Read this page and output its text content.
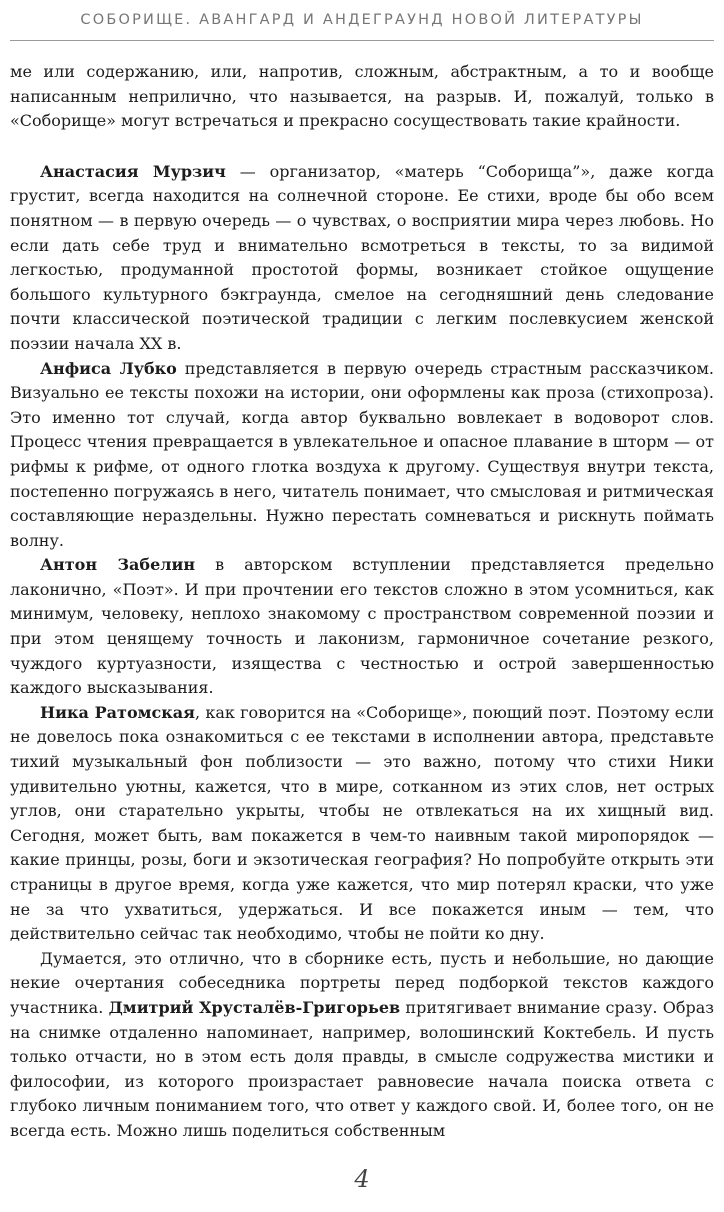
СОБОРИЩЕ. АВАНГАРД И АНДЕГРАУНД НОВОЙ ЛИТЕРАТУРЫ

ме или содержанию, или, напротив, сложным, абстрактным, а то и вообще написанным неприлично, что называется, на разрыв. И, пожалуй, только в «Соборище» могут встречаться и прекрасно сосуществовать такие крайности.

Анастасия Мурзич — организатор, «матерь “Соборища”», даже когда грустит, всегда находится на солнечной стороне. Ее стихи, вроде бы обо всем понятном — в первую очередь — о чувствах, о восприятии мира через любовь. Но если дать себе труд и внимательно всмотреться в тексты, то за видимой легкостью, продуманной простотой формы, возникает стойкое ощущение большого культурного бэкграунда, смелое на сегодняшний день следование почти классической поэтической традиции с легким послевкусием женской поэзии начала XX в.

Анфиса Лубко представляется в первую очередь страстным рассказчиком. Визуально ее тексты похожи на истории, они оформлены как проза (стихопроза). Это именно тот случай, когда автор буквально вовлекает в водоворот слов. Процесс чтения превращается в увлекательное и опасное плавание в шторм — от рифмы к рифме, от одного глотка воздуха к другому. Существуя внутри текста, постепенно погружаясь в него, читатель понимает, что смысловая и ритмическая составляющие нераздельны. Нужно перестать сомневаться и рискнуть поймать волну.

Антон Забелин в авторском вступлении представляется предельно лаконично, «Поэт». И при прочтении его текстов сложно в этом усомниться, как минимум, человеку, неплохо знакомому с пространством современной поэзии и при этом ценящему точность и лаконизм, гармоничное сочетание резкого, чуждого куртуазности, изящества с честностью и острой завершенностью каждого высказывания.

Ника Ратомская, как говорится на «Соборище», поющий поэт. Поэтому если не довелось пока ознакомиться с ее текстами в исполнении автора, представьте тихий музыкальный фон поблизости — это важно, потому что стихи Ники удивительно уютны, кажется, что в мире, сотканном из этих слов, нет острых углов, они старательно укрыты, чтобы не отвлекаться на их хищный вид. Сегодня, может быть, вам покажется в чем-то наивным такой миропорядок — какие принцы, розы, боги и экзотическая география? Но попробуйте открыть эти страницы в другое время, когда уже кажется, что мир потерял краски, что уже не за что ухватиться, удержаться. И все покажется иным — тем, что действительно сейчас так необходимо, чтобы не пойти ко дну.

Думается, это отлично, что в сборнике есть, пусть и небольшие, но дающие некие очертания собеседника портреты перед подборкой текстов каждого участника. Дмитрий Хрусталёв-Григорьев притягивает внимание сразу. Образ на снимке отдаленно напоминает, например, волошинский Коктебель. И пусть только отчасти, но в этом есть доля правды, в смысле содружества мистики и философии, из которого произрастает равновесие начала поиска ответа с глубоко личным пониманием того, что ответ у каждого свой. И, более того, он не всегда есть. Можно лишь поделиться собственным

4
